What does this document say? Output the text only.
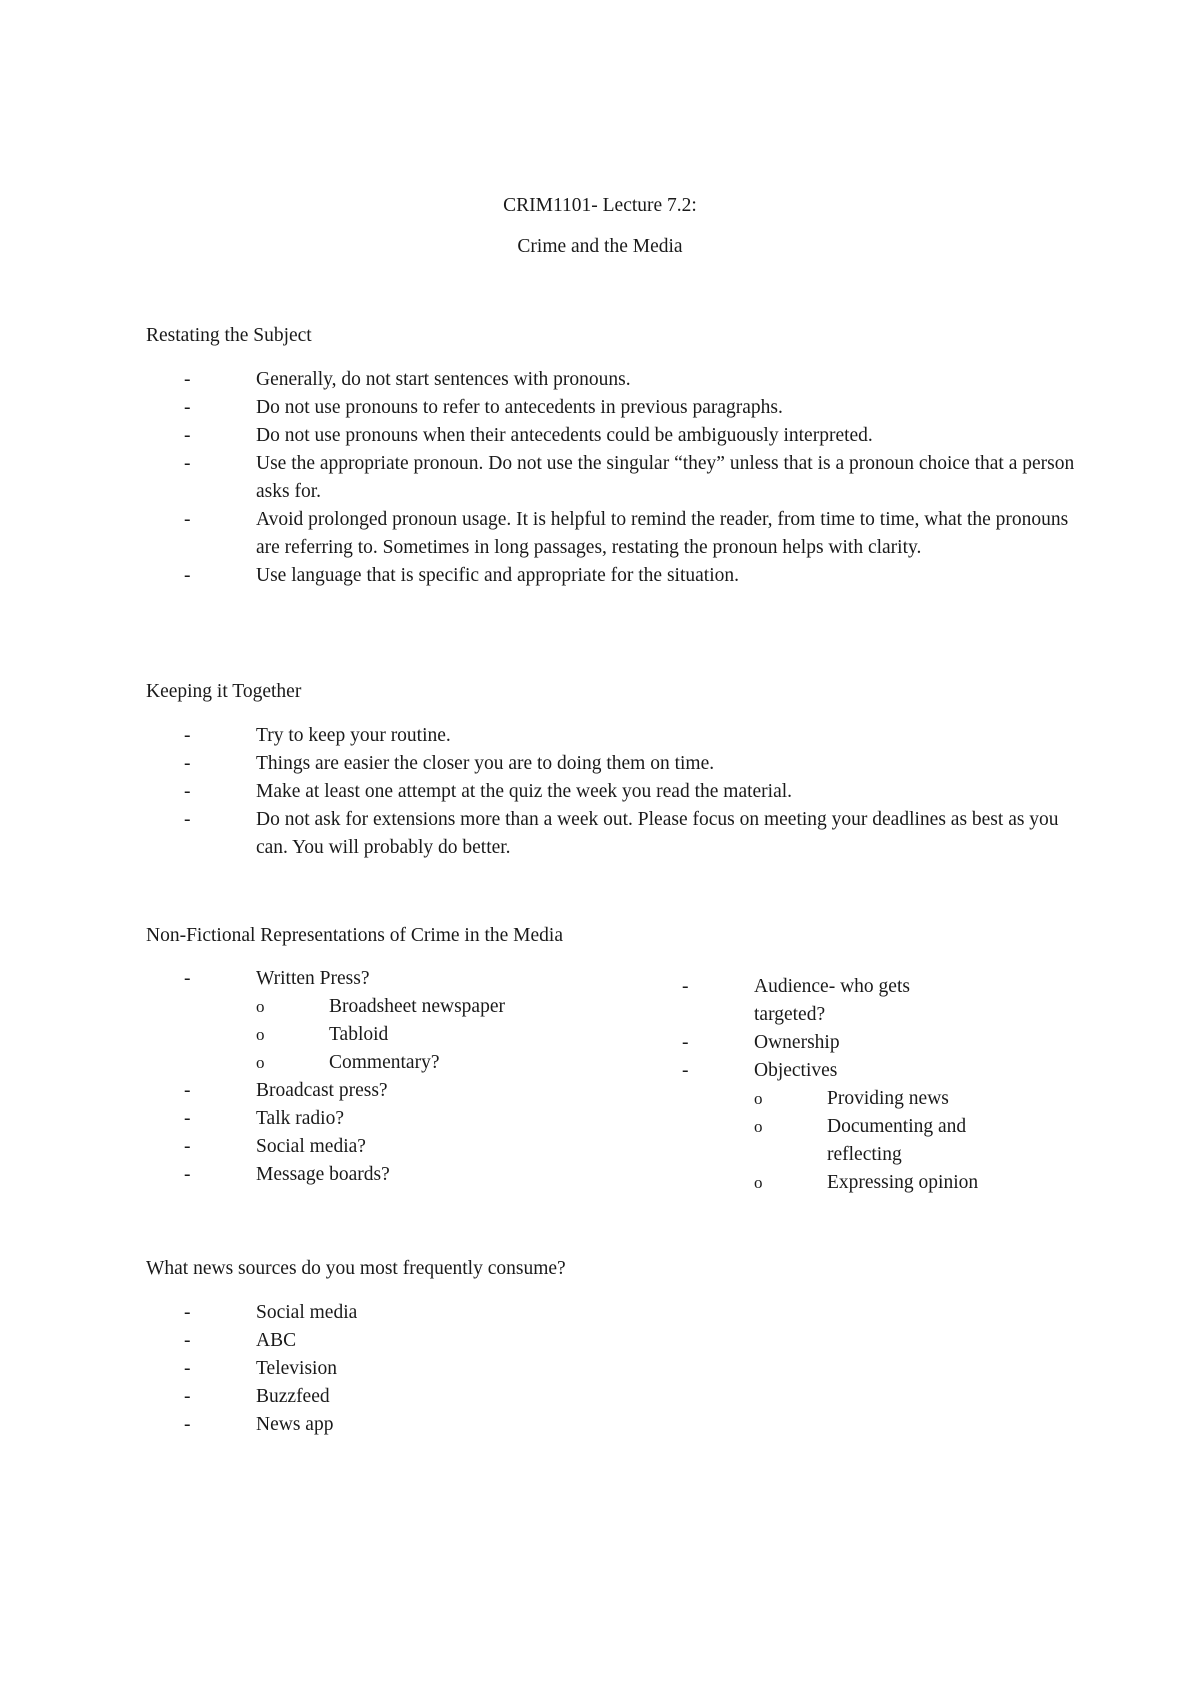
CRIM1101- Lecture 7.2:

Crime and the Media

Restating the Subject
-	Generally, do not start sentences with pronouns.
-	Do not use pronouns to refer to antecedents in previous paragraphs.
-	Do not use pronouns when their antecedents could be ambiguously interpreted.
-	Use the appropriate pronoun. Do not use the singular “they” unless that is a pronoun choice that a person asks for.
-	Avoid prolonged pronoun usage. It is helpful to remind the reader, from time to time, what the pronouns are referring to. Sometimes in long passages, restating the pronoun helps with clarity.
-	Use language that is specific and appropriate for the situation.
Keeping it Together
-	Try to keep your routine.
-	Things are easier the closer you are to doing them on time.
-	Make at least one attempt at the quiz the week you read the material.
-	Do not ask for extensions more than a week out. Please focus on meeting your deadlines as best as you can. You will probably do better.
Non-Fictional Representations of Crime in the Media
-	Written Press?
o	Broadsheet newspaper
o	Tabloid
o	Commentary?
-	Broadcast press?
-	Talk radio?
-	Social media?
-	Message boards?
-	Audience- who gets targeted?
-	Ownership
-	Objectives
o	Providing news
o	Documenting and reflecting
o	Expressing opinion
What news sources do you most frequently consume?
-	Social media
-	ABC
-	Television
-	Buzzfeed
-	News app
